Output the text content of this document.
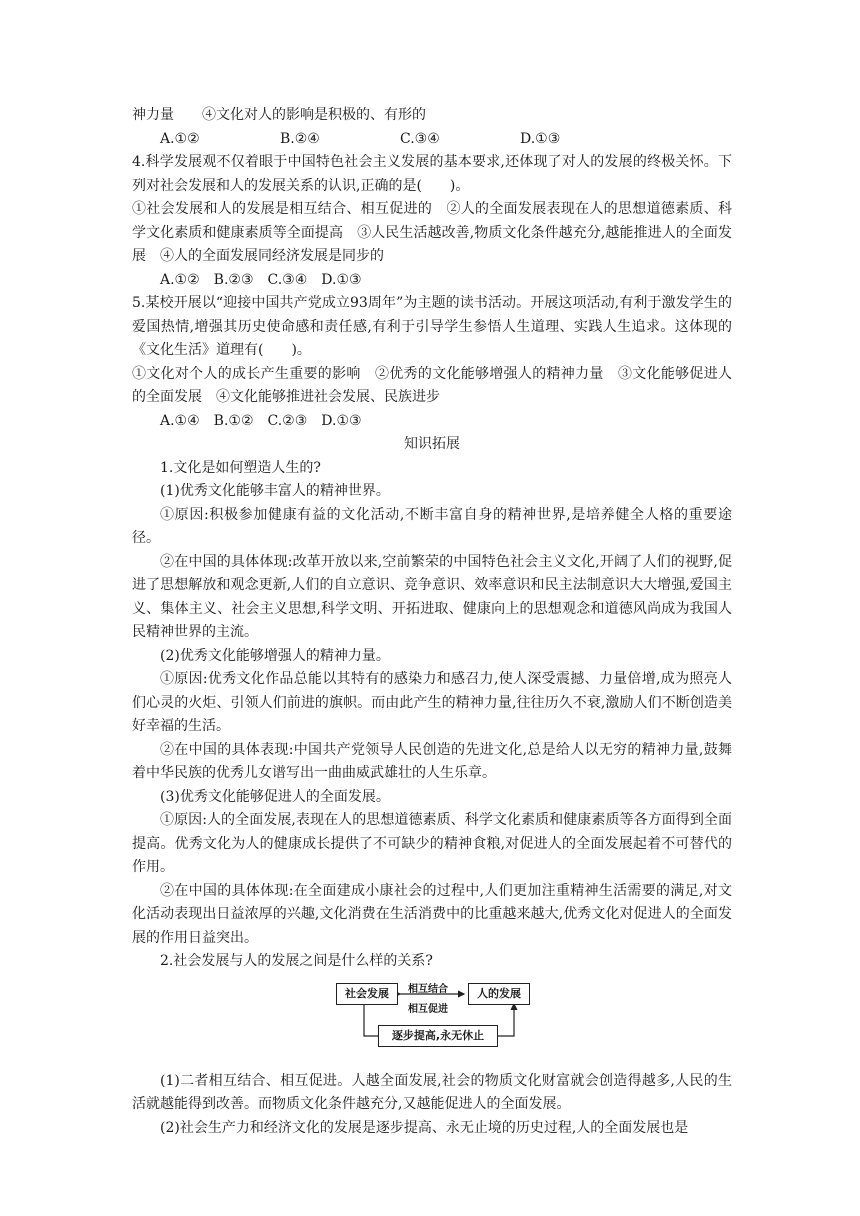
神力量　　④文化对人的影响是积极的、有形的

A.①②	B.②④	C.③④	D.①③

4.科学发展观不仅着眼于中国特色社会主义发展的基本要求,还体现了对人的发展的终极关怀。下列对社会发展和人的发展关系的认识,正确的是(　　)。

①社会发展和人的发展是相互结合、相互促进的　②人的全面发展表现在人的思想道德素质、科学文化素质和健康素质等全面提高　③人民生活越改善,物质文化条件越充分,越能推进人的全面发展　④人的全面发展同经济发展是同步的

A.①② B.②③ C.③④ D.①③

5.某校开展以“迎接中国共产党成立93周年”为主题的读书活动。开展这项活动,有利于激发学生的爱国热情,增强其历史使命感和责任感,有利于引导学生参悟人生道理、实践人生追求。这体现的《文化生活》道理有(　　)。

①文化对个人的成长产生重要的影响　②优秀的文化能够增强人的精神力量　③文化能够促进人的全面发展　④文化能够推进社会发展、民族进步

A.①④ B.①② C.②③ D.①③

知识拓展

1.文化是如何塑造人生的?

(1)优秀文化能够丰富人的精神世界。

①原因:积极参加健康有益的文化活动,不断丰富自身的精神世界,是培养健全人格的重要途径。

②在中国的具体体现:改革开放以来,空前繁荣的中国特色社会主义文化,开阔了人们的视野,促进了思想解放和观念更新,人们的自立意识、竞争意识、效率意识和民主法制意识大大增强,爱国主义、集体主义、社会主义思想,科学文明、开拓进取、健康向上的思想观念和道德风尚成为我国人民精神世界的主流。

(2)优秀文化能够增强人的精神力量。

①原因:优秀文化作品总能以其特有的感染力和感召力,使人深受震撼、力量倍增,成为照亮人们心灵的火炬、引领人们前进的旗帜。而由此产生的精神力量,往往历久不衰,激励人们不断创造美好幸福的生活。

②在中国的具体表现:中国共产党领导人民创造的先进文化,总是给人以无穷的精神力量,鼓舞着中华民族的优秀儿女谱写出一曲曲威武雄壮的人生乐章。

(3)优秀文化能够促进人的全面发展。

①原因:人的全面发展,表现在人的思想道德素质、科学文化素质和健康素质等各方面得到全面提高。优秀文化为人的健康成长提供了不可缺少的精神食粮,对促进人的全面发展起着不可替代的作用。

②在中国的具体体现:在全面建成小康社会的过程中,人们更加注重精神生活需要的满足,对文化活动表现出日益浓厚的兴趣,文化消费在生活消费中的比重越来越大,优秀文化对促进人的全面发展的作用日益突出。

2.社会发展与人的发展之间是什么样的关系?

社会发展	人的发展
相互结合
相互促进
逐步提高,永无休止

(1)二者相互结合、相互促进。人越全面发展,社会的物质文化财富就会创造得越多,人民的生活就越能得到改善。而物质文化条件越充分,又越能促进人的全面发展。

(2)社会生产力和经济文化的发展是逐步提高、永无止境的历史过程,人的全面发展也是
